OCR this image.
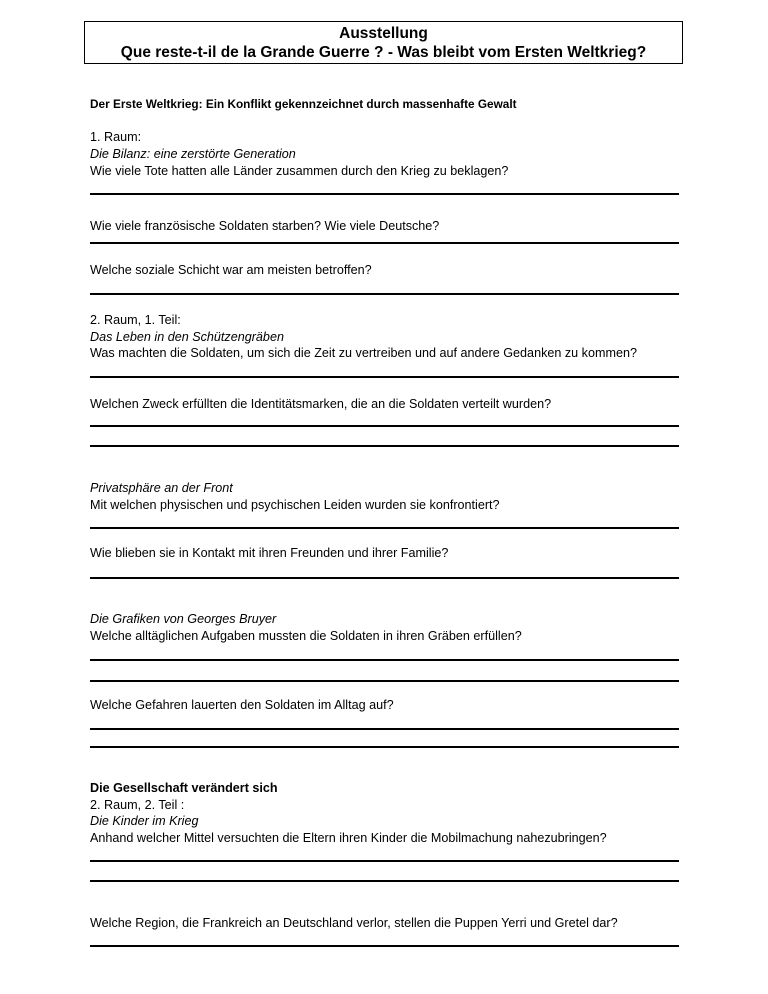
Ausstellung
Que reste-t-il de la Grande Guerre ? - Was bleibt vom Ersten Weltkrieg?
Der Erste Weltkrieg: Ein Konflikt gekennzeichnet durch massenhafte Gewalt
1. Raum:
Die Bilanz: eine zerstörte Generation
Wie viele Tote hatten alle Länder zusammen durch den Krieg zu beklagen?
Wie viele französische Soldaten starben? Wie viele Deutsche?
Welche soziale Schicht war am meisten betroffen?
2. Raum, 1. Teil:
Das Leben in den Schützengräben
Was machten die Soldaten, um sich die Zeit zu vertreiben und auf andere Gedanken zu kommen?
Welchen Zweck erfüllten die Identitätsmarken, die an die Soldaten verteilt wurden?
Privatsphäre an der Front
Mit welchen physischen und psychischen Leiden wurden sie konfrontiert?
Wie blieben sie in Kontakt mit ihren Freunden und ihrer Familie?
Die Grafiken von Georges Bruyer
Welche alltäglichen Aufgaben mussten die Soldaten in ihren Gräben erfüllen?
Welche Gefahren lauerten den Soldaten im Alltag auf?
Die Gesellschaft verändert sich
2. Raum, 2. Teil :
Die Kinder im Krieg
Anhand welcher Mittel versuchten die Eltern ihren Kinder die Mobilmachung nahezubringen?
Welche Region, die Frankreich an Deutschland verlor, stellen die Puppen Yerri und Gretel dar?
